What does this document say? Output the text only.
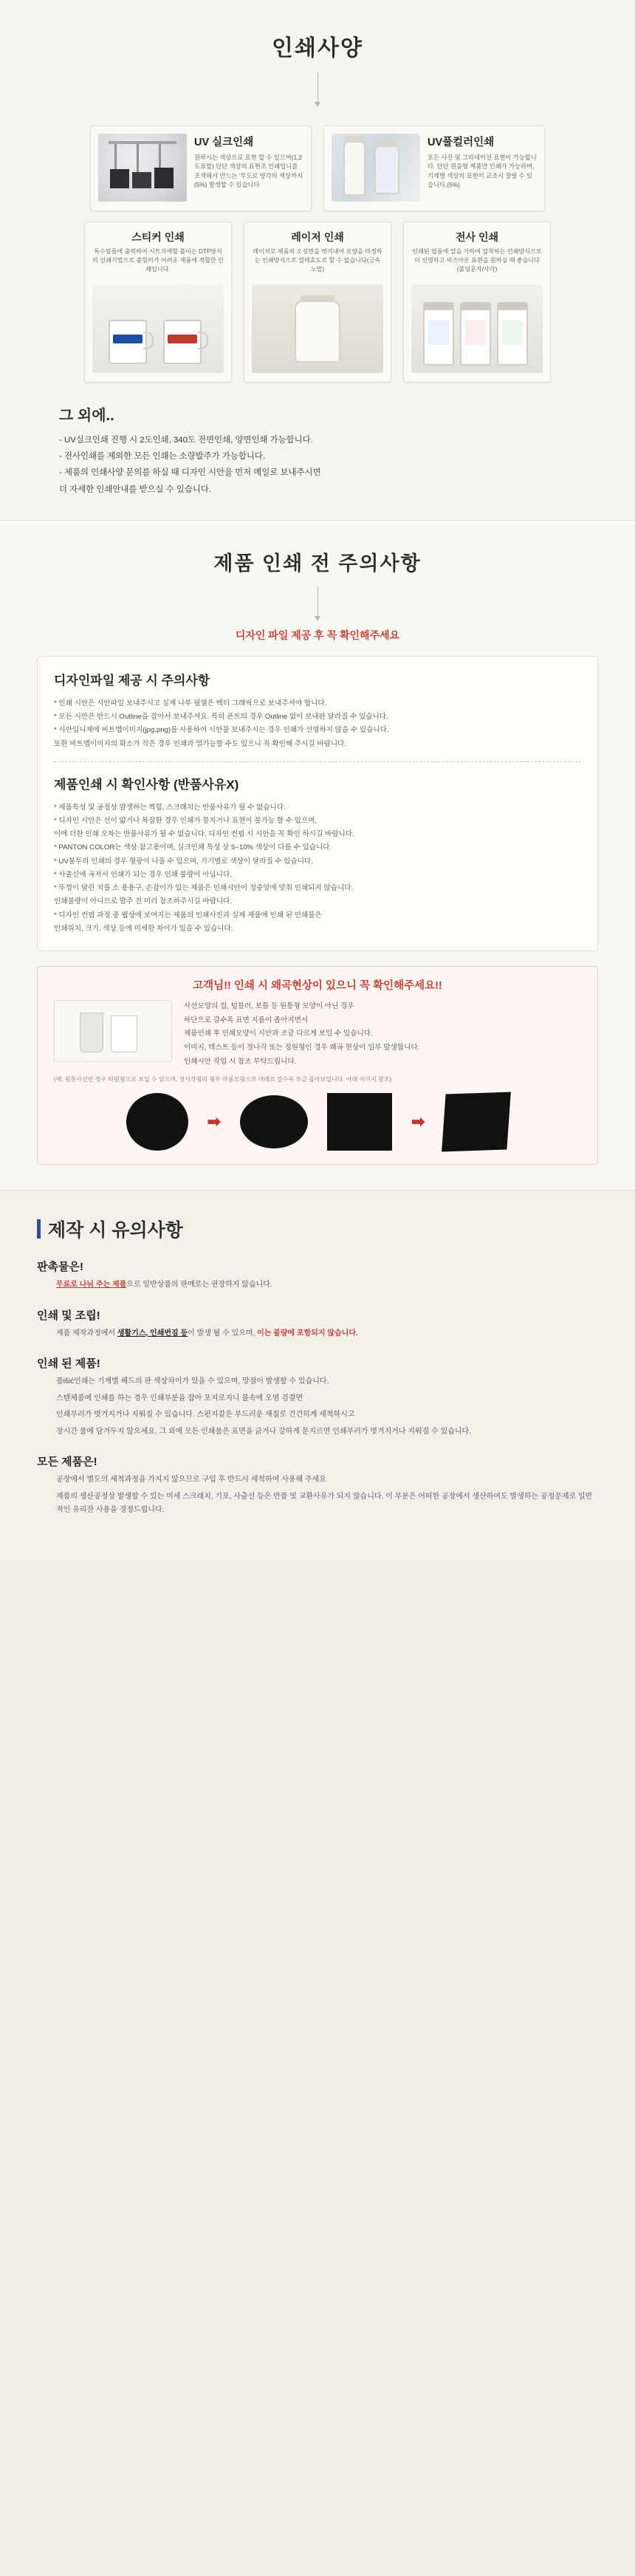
인쇄사양
UV 실크인쇄
원하시는 색상으로 표현 할 수 있으며(1,2도표할) 단단 색상의 표현조 인쇄입니를 조색해서 만드는 '무도로 양각의 색상까지(5%) 발생할 수 있습니다
UV풀컬러인쇄
모든 사진 및 그라데이션 표현이 가능합니다. 단단 원음형 제품만 인쇄가 가능하며, 기계별 색상의 표현이 교조시 잘릴 수 있습니다.(5%)
스티커 인쇄
특수필름에 출력하여 시트지에할 붙이는 DTP방식의 인쇄기법으로 출힐러가 어려운 제품에 적합한 인쇄입니다.
레이저 인쇄
레이저로 제품의 오징면을 벗겨내어 모양을 마징하는 인쇄방식으로 열테효도로 할 수 없습니다(금속노말)
전사 인쇄
인쇄된 필름에 열을 가하여 압착하는 인쇄방식으로 이 선명하고 비즈아온 표현을 원하실 때 좋습니다(폴딩문자/사각)
그 외에..
- UV실크인쇄 진행 시 2도인쇄, 340도 전면인쇄, 양면인쇄 가능합니다.
- 전사인쇄를 제외한 모든 인쇄는 소량발주가 가능합니다.
- 제품의 인쇄사양 문의를 하실 때 디자인 시안을 먼저 메일로 보내주시면
더 자세한 인쇄안내를 받으실 수 있습니다.
제품 인쇄 전 주의사항
디자인 파일 제공 후 꼭 확인해주세요
디자인파일 제공 시 주의사항
* 인쇄 시안은 시안파일 보내주시고 실제 나부 필열은 벡터 그래픽으로 보내주셔야 합니다.
* 모든 시안은 반드시 Outline을 잡아서 보내주셔요. 특히 폰트의 경우 Outline 없이 보내판 달라질 수 있습니다.
* 시안입니제에 비트맵이미지(jpg.png)를 사용하여 시안물 보내주시는 경우 인쇄가 선명하지 않을 수 있습니다.
또한 비트맵이미지의 화소가 작은 경우 인쇄과 멀가능할 수도 있으니 꼭 확인해 주시길 바랍니다.
제품인쇄 시 확인사항 (반품사유X)
* 제품특성 및 공정상 발생하는 찍힘, 스크래치는 반품사유가 될 수 없습니다.
* 디자인 시안은 선이 얇거나 복잡한 경우 인쇄가 뭉치거나 표현이 불가능 할 수 있으며,
이에 더한 인쇄 오차는 반품사유가 될 수 없습니다. 디자인 컨펌 시 시안을 꼭 확인 하시길 바랍니다.
* PANTON COLOR는 색상 참고용이며, 실크인쇄 특성 상 5~10% 색상이 다를 수 있습니다.
* UV불투리 인쇄의 경우 형광이 나올 수 있으며, 기기별로 색상이 달라질 수 있습니다.
* 사출신에 곡저서 인쇄가 되는 경우 인쇄 불량이 아닙니다.
* 뚜껑이 달린 치를 소 용용구, 손잡이가 있는 제품은 인쇄시안이 정중앙에 맞취 인쇄되지 않습니다.
인쇄불량이 아니므로 발주 전 미리 참조하주시길 바랍니다.
* 디자인 컨펌 과정 중 웹상에 보여지는 제품의 인쇄사진과 실제 제품에 인쇄 된 인쇄물은
인쇄위치, 크기, 색상 등에 미세한 차이가 있을 수 있습니다.
고객님!! 인쇄 시 왜곡현상이 있으니 꼭 확인해주세요!!
사선모양의 컵, 텀블러, 보틀 등 원통형 모양이 아닌 경우
하단으로 갈수록 표면 지름이 좁아지면서
제품인쇄 후 인쇄모양이 시안과 조금 다르게 보일 수 있습니다.
이미지, 텍스트 등이 정나각 또는 정원형인 경우 왜곡 현상이 일부 발생합니다.
인쇄시안 작업 시 참조 부탁드립니다.
(예: 원통사선인 경우 타원형으로 보일 수 있으며, 정사각형의 형우 마름모형으로 마래로 갈수록 조금 좁아보입니다. 아래 이미지 참조)
➡	➡
제작 시 유의사항
판촉물은!

무료로 나눠 주는 제품으로 일반상품의 판매로는 권장하지 않습니다.

인쇄 및 조립!

제품 제작과정에서 생활기스, 인쇄번짐 등이 발생 될 수 있으며, 이는 불량에 포함되지 않습니다.

인쇄 된 제품!

플išić인쇄는 기계별 헤드의 판 색상차이가 있을 수 있으며, 망점이 발생할 수 있습니다.

스텐체품에 인쇄를 하는 경우 인쇄부분을 잡아 포지로지니 불속에 오염 검결면

인쇄부러가 벗겨지거나 지워질 수 있습니다. 스펀지같은 부드러운 재질로 건건히게 세척하시고

장시간 물에 담겨두지 않으세요. 그 외에 모든 인쇄물은 표면을 긁거나 강하게 문지르면 인쇄부러가 벗겨지거나 지워질 수 있습니다.

모든 제품은!

공장에서 별도의 세척과정을 가지지 않으므로 구입 후 반드시 세척하여 사용해 주세요

제품의 생산공정상 발생할 수 있는 미세 스크래치, 기포, 사출선 등은 반품 및 교환사유가 되지 않습니다. 이 부분은 어떠한 공장에서 생산하여도 발생하는 공정문제로 일반적인 유리잔 사용을 경정드립니다.
